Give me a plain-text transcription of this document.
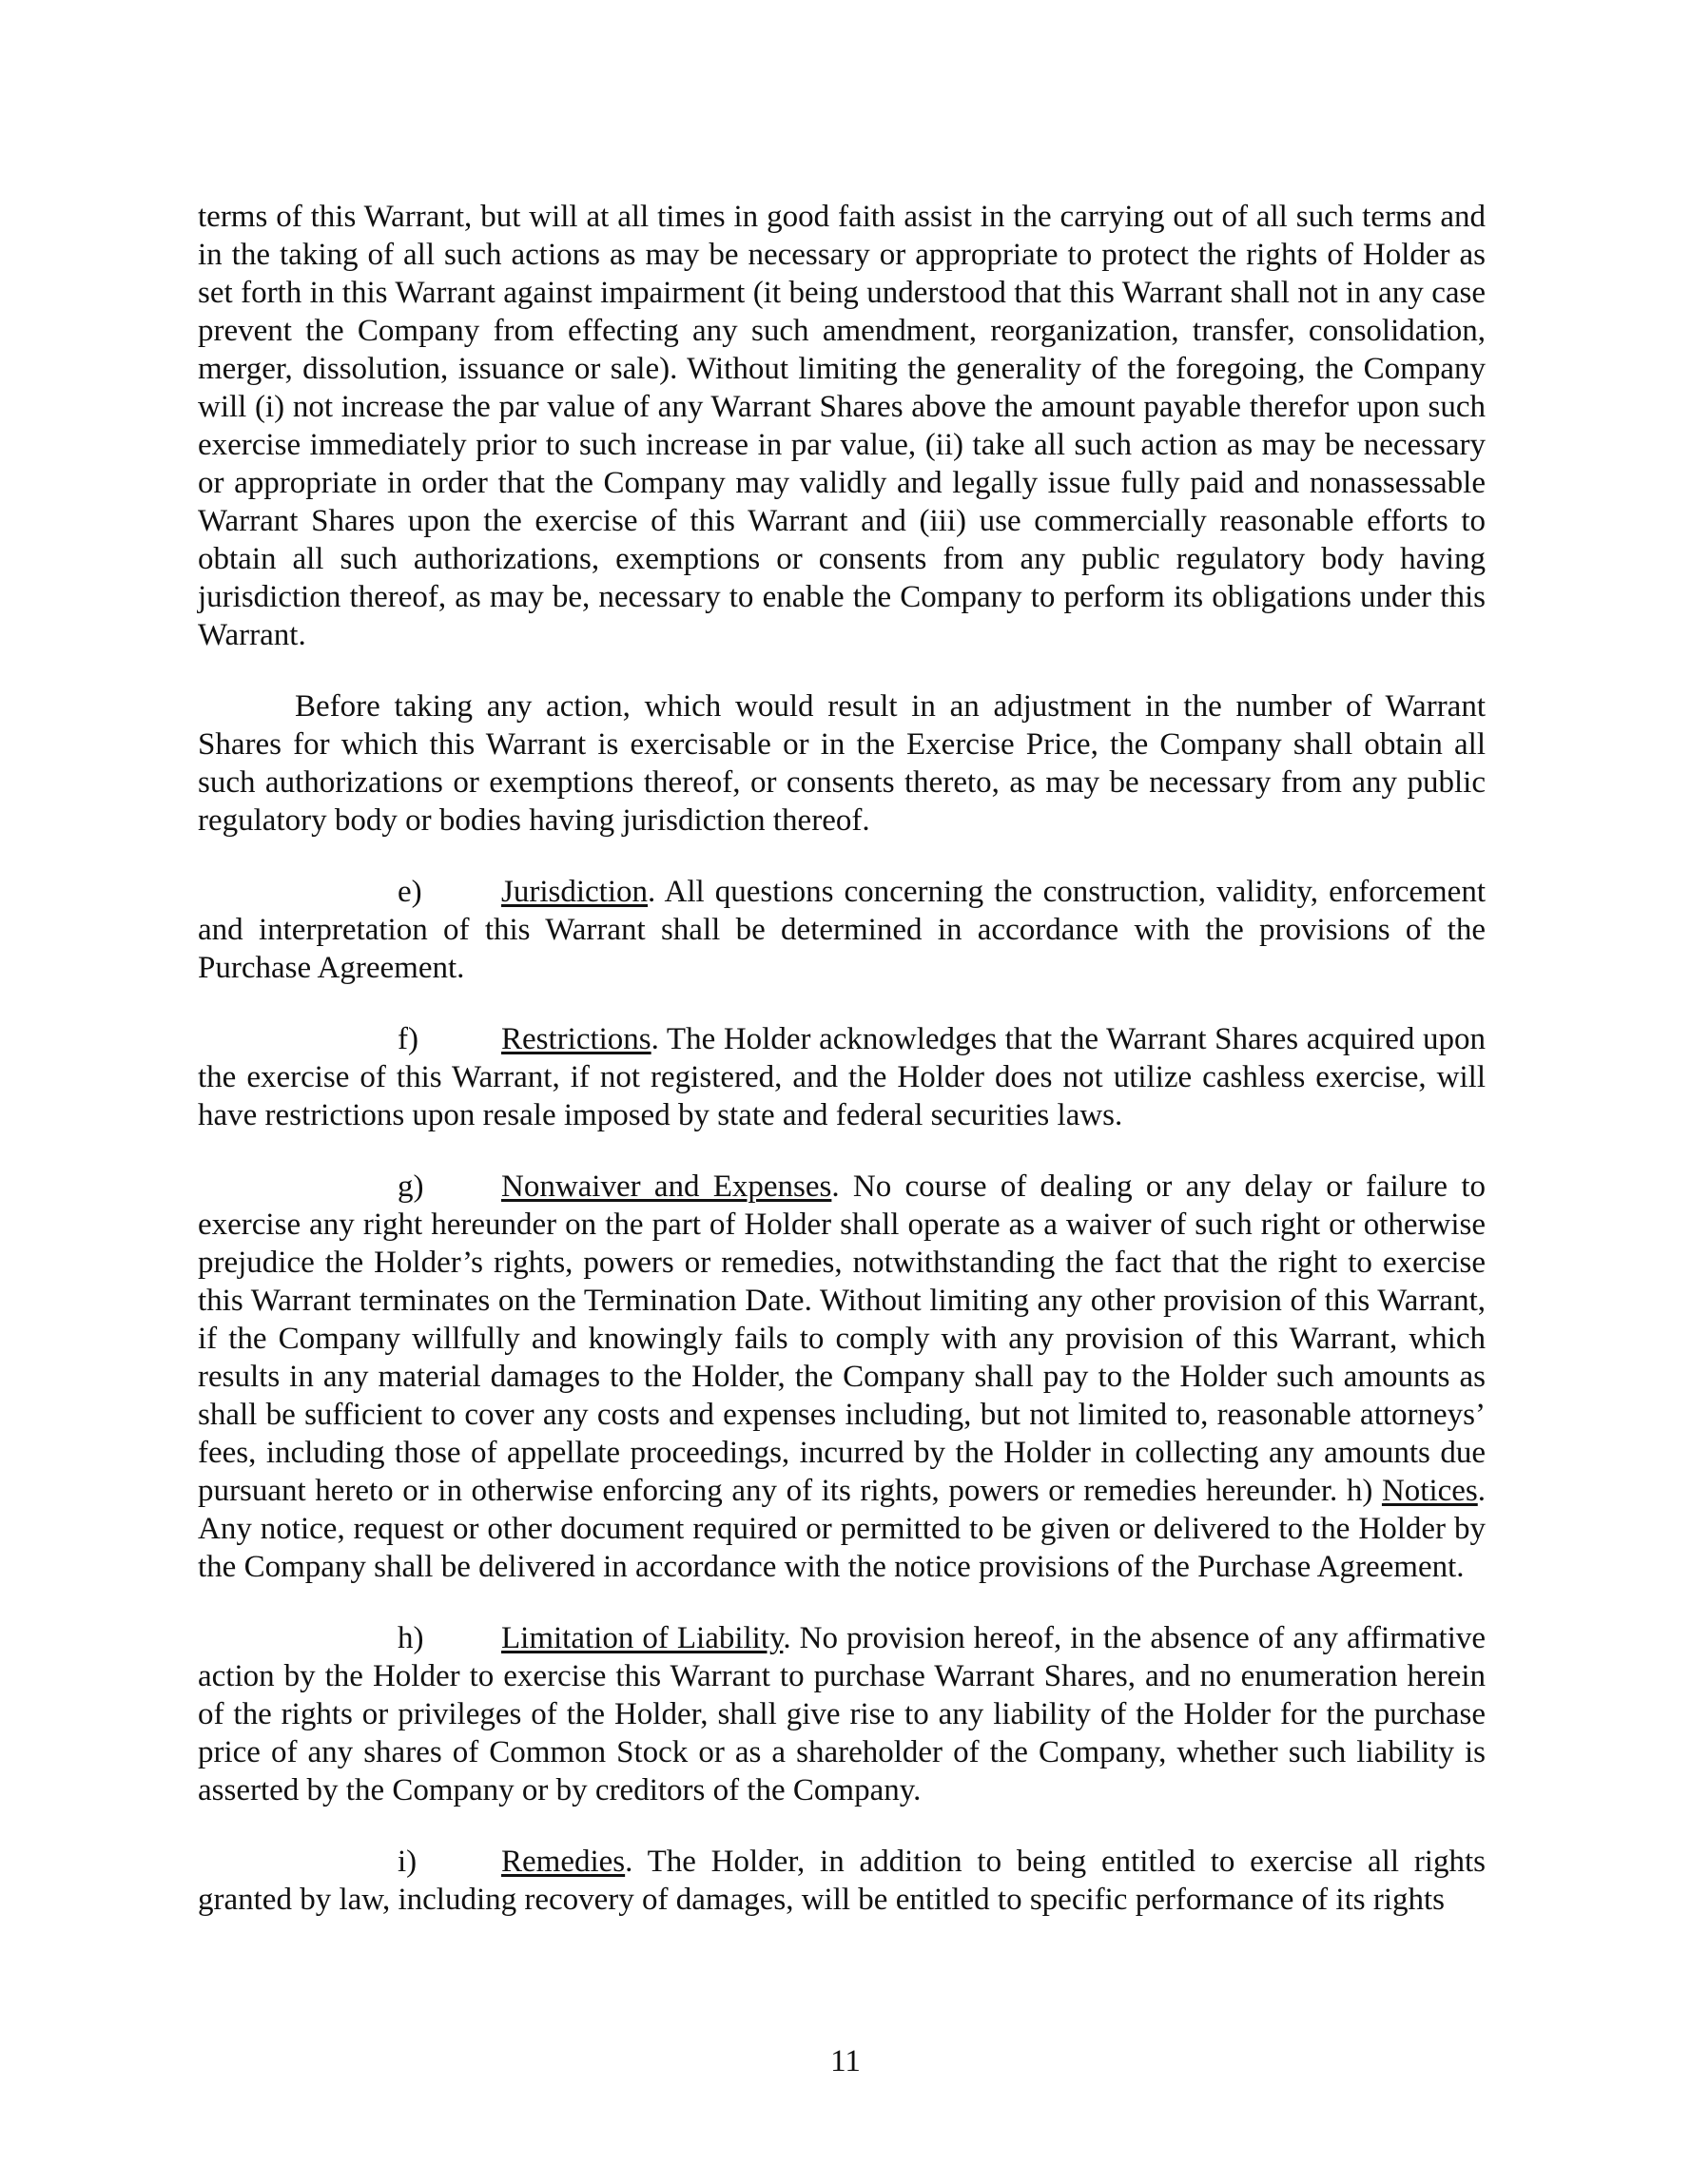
terms of this Warrant, but will at all times in good faith assist in the carrying out of all such terms and in the taking of all such actions as may be necessary or appropriate to protect the rights of Holder as set forth in this Warrant against impairment (it being understood that this Warrant shall not in any case prevent the Company from effecting any such amendment, reorganization, transfer, consolidation, merger, dissolution, issuance or sale). Without limiting the generality of the foregoing, the Company will (i) not increase the par value of any Warrant Shares above the amount payable therefor upon such exercise immediately prior to such increase in par value, (ii) take all such action as may be necessary or appropriate in order that the Company may validly and legally issue fully paid and nonassessable Warrant Shares upon the exercise of this Warrant and (iii) use commercially reasonable efforts to obtain all such authorizations, exemptions or consents from any public regulatory body having jurisdiction thereof, as may be, necessary to enable the Company to perform its obligations under this Warrant.

Before taking any action, which would result in an adjustment in the number of Warrant Shares for which this Warrant is exercisable or in the Exercise Price, the Company shall obtain all such authorizations or exemptions thereof, or consents thereto, as may be necessary from any public regulatory body or bodies having jurisdiction thereof.

e)	Jurisdiction. All questions concerning the construction, validity, enforcement and interpretation of this Warrant shall be determined in accordance with the provisions of the Purchase Agreement.

f)	Restrictions. The Holder acknowledges that the Warrant Shares acquired upon the exercise of this Warrant, if not registered, and the Holder does not utilize cashless exercise, will have restrictions upon resale imposed by state and federal securities laws.

g) Nonwaiver and Expenses. No course of dealing or any delay or failure to exercise any right hereunder on the part of Holder shall operate as a waiver of such right or otherwise prejudice the Holder’s rights, powers or remedies, notwithstanding the fact that the right to exercise this Warrant terminates on the Termination Date. Without limiting any other provision of this Warrant, if the Company willfully and knowingly fails to comply with any provision of this Warrant, which results in any material damages to the Holder, the Company shall pay to the Holder such amounts as shall be sufficient to cover any costs and expenses including, but not limited to, reasonable attorneys’ fees, including those of appellate proceedings, incurred by the Holder in collecting any amounts due pursuant hereto or in otherwise enforcing any of its rights, powers or remedies hereunder. h) Notices. Any notice, request or other document required or permitted to be given or delivered to the Holder by the Company shall be delivered in accordance with the notice provisions of the Purchase Agreement.

h) Limitation of Liability. No provision hereof, in the absence of any affirmative action by the Holder to exercise this Warrant to purchase Warrant Shares, and no enumeration herein of the rights or privileges of the Holder, shall give rise to any liability of the Holder for the purchase price of any shares of Common Stock or as a shareholder of the Company, whether such liability is asserted by the Company or by creditors of the Company.

i)	Remedies. The Holder, in addition to being entitled to exercise all rights granted by law, including recovery of damages, will be entitled to specific performance of its rights

11
